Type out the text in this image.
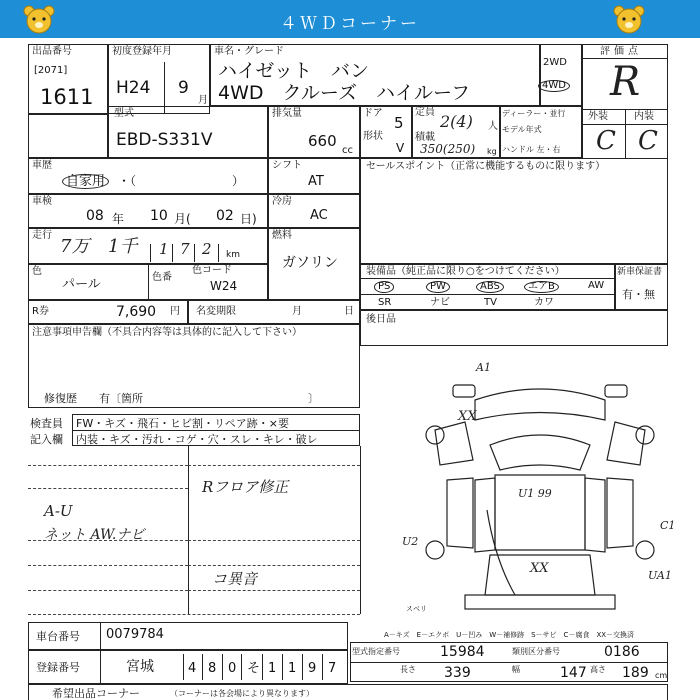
４ＷＤコーナー
出品番号
[2071]
1611
初度登録年月
H24 9
月
車名・グレード
ハイゼット　バン
4WD　クルーズ　ハイルーフ
2WD
4WD
評価点
R
外装	内装
C C
型式
EBD-S331V
排気量
660
cc
ドア
5
形状
V
定員 2(4) 人
積載
350(250) kg
ディーラー・並行
モデル年式
ハンドル 左・右
車歴
自家用	・（　　　　　　　　）
シフト
AT
車検
08 年 10 月( 02 日)
冷房
AC
走行
7万 1千 1 7 2 km
燃料
ガソリン
色
パール	色番
色コード
W24
R券	7,690 円 名変期限	月	日
注意事項申告欄（不具合内容等は具体的に記入して下さい）
修復歴　　有〔箇所　　　　　　　　　　　　　　　〕
セールスポイント（正常に機能するものに限ります）
装備品（純正品に限り○をつけてください）
PS	PW	ABS	エアB	AW
SR	ナビ	TV	カワ
新車保証書
有・無
後日品
検査員 FW・キズ・飛石・ヒビ割・リペア跡・×要
記入欄 内装・キズ・汚れ・コゲ・穴・スレ・キレ・破レ
A-U
ネット AW.ナビ
Rフロア修正
コ異音
A1
XX
U1 99
XX
C1
U2
UA1
スベリ
車台番号 0079784
登録番号	宮城	4 8 0 そ 1 1 9 7
A－キズ　E－エクボ　U－凹み　W－補修跡　S－サビ　C－腐食　XX－交換済
型式指定番号	15984	類別区分番号	0186
長さ 339	幅	147 高さ 189 cm
希望出品コーナー	（コーナーは各会場により異なります）
